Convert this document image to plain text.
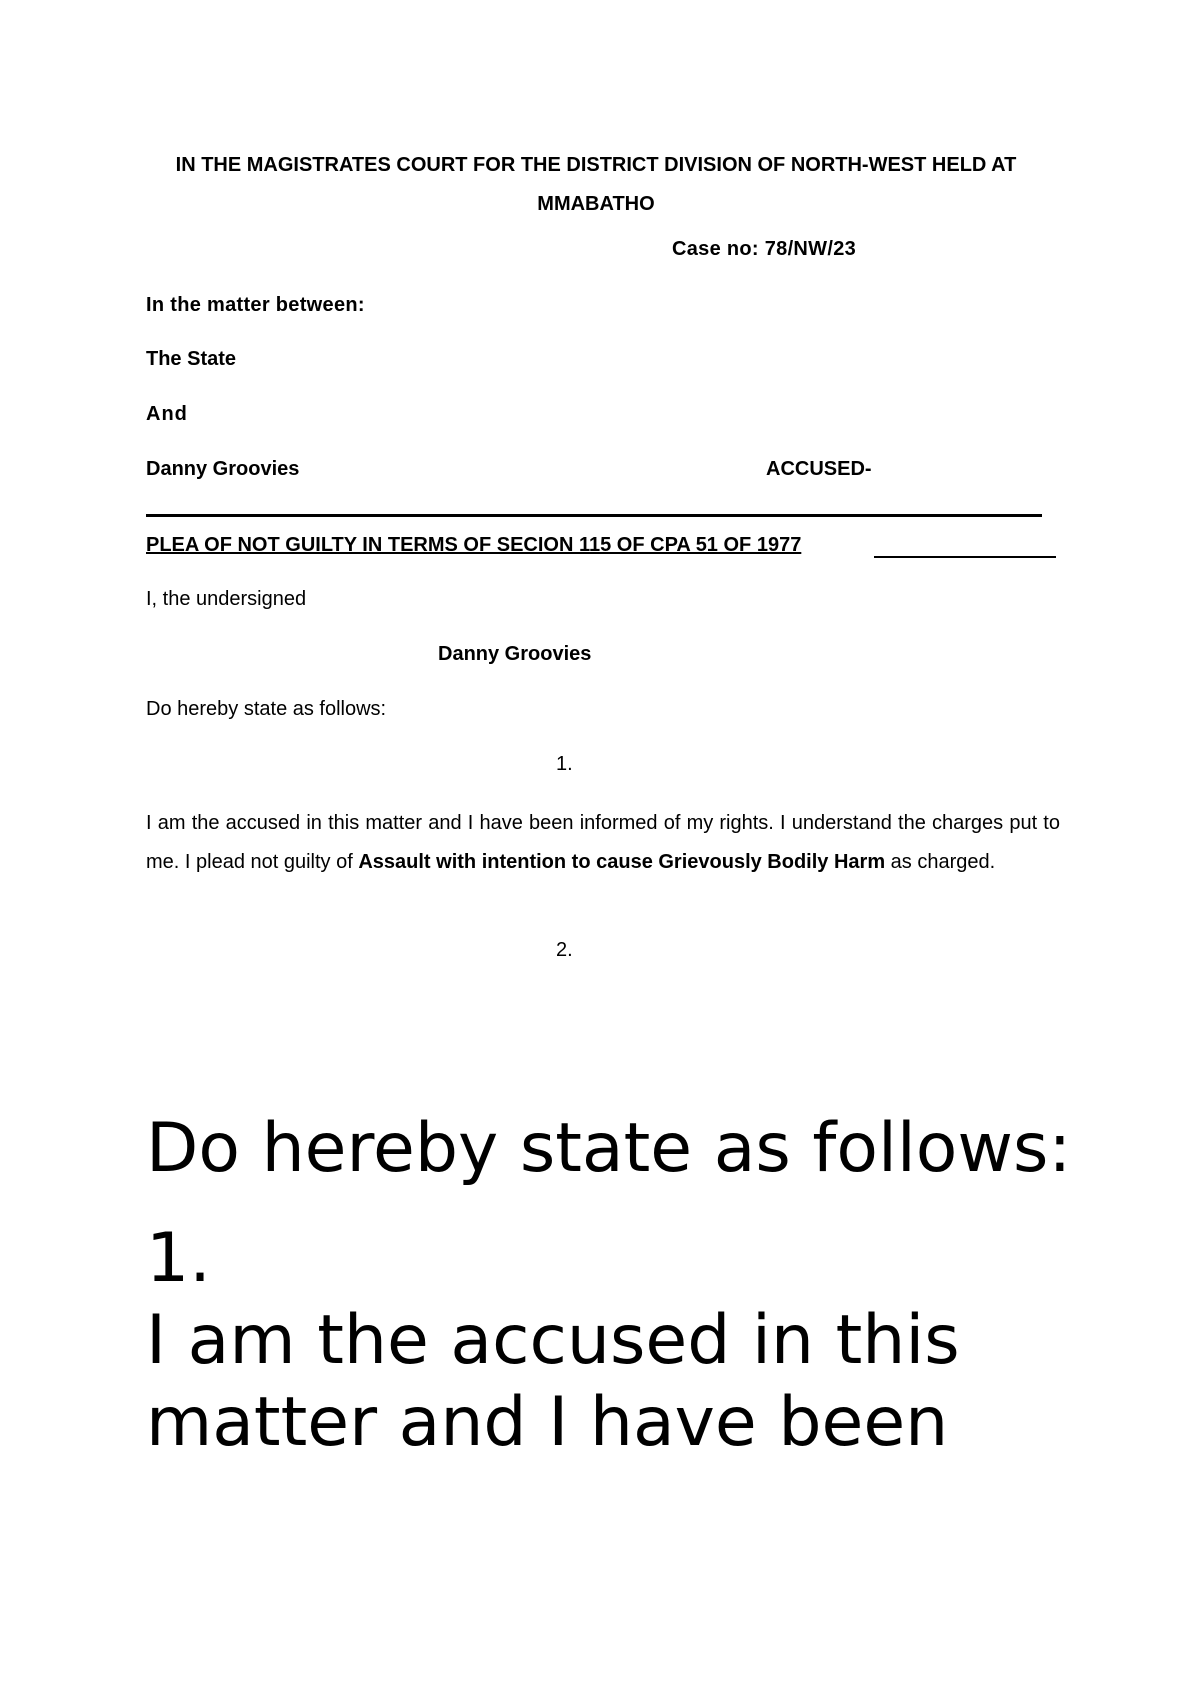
IN THE MAGISTRATES COURT FOR THE DISTRICT DIVISION OF NORTH-WEST HELD AT MMABATHO
Case no: 78/NW/23
In the matter between:
The State
And
Danny Groovies	ACCUSED-
PLEA OF NOT GUILTY IN TERMS OF SECION 115 OF CPA 51 OF 1977
I, the undersigned
Danny Groovies
Do hereby state as follows:
1.
I am the accused in this matter and I have been informed of my rights. I understand the charges put to me. I plead not guilty of Assault with intention to cause Grievously Bodily Harm as charged.
2.
Do hereby state as follows:
1.
I am the accused in this matter and I have been
